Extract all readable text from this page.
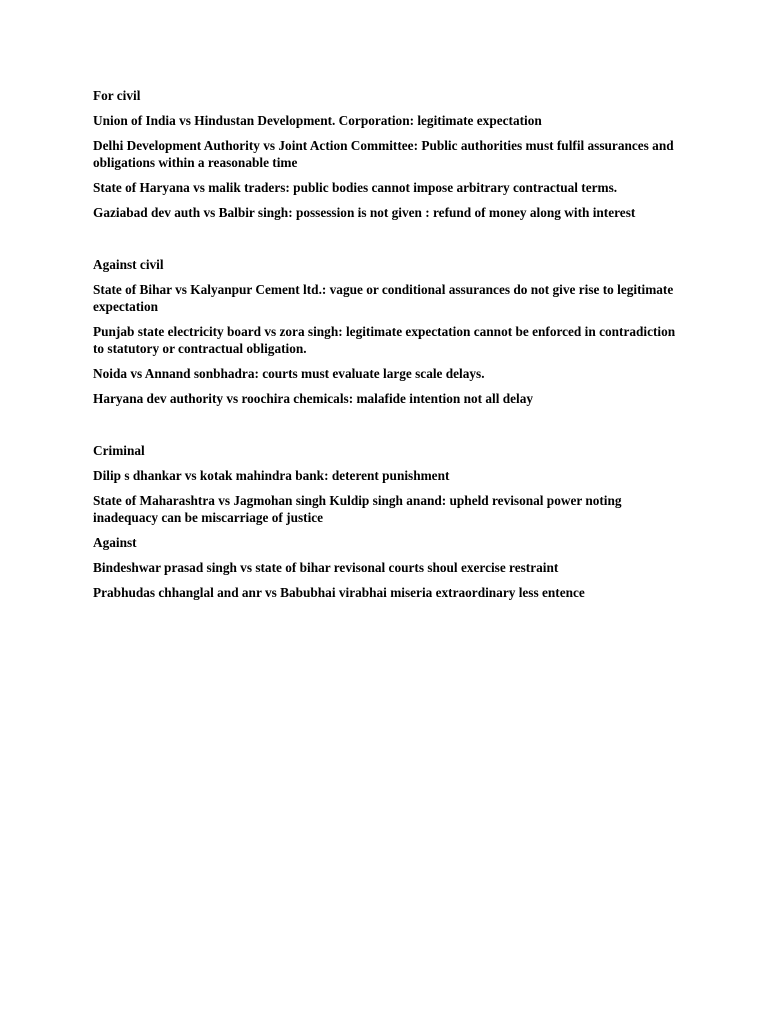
For civil

Union of India vs Hindustan Development. Corporation: legitimate expectation

Delhi Development Authority vs Joint Action Committee: Public authorities must fulfil assurances and obligations within a reasonable time

State of Haryana vs malik traders: public bodies cannot impose arbitrary contractual terms.

Gaziabad dev auth vs Balbir singh: possession is not given : refund of money along with interest

Against civil

State of Bihar vs Kalyanpur Cement ltd.: vague or conditional assurances do not give rise to legitimate expectation

Punjab state electricity board vs zora singh: legitimate expectation cannot be enforced in contradiction to statutory or contractual obligation.

Noida vs Annand sonbhadra: courts must evaluate large scale delays.

Haryana dev authority vs roochira chemicals: malafide intention not all delay

Criminal

Dilip s dhankar vs kotak mahindra bank: deterent punishment

State of Maharashtra vs Jagmohan singh Kuldip singh anand: upheld revisonal power noting inadequacy can be miscarriage of justice

Against

Bindeshwar prasad singh vs state of bihar revisonal courts shoul exercise restraint

Prabhudas chhanglal and anr vs Babubhai virabhai miseria extraordinary less entence
